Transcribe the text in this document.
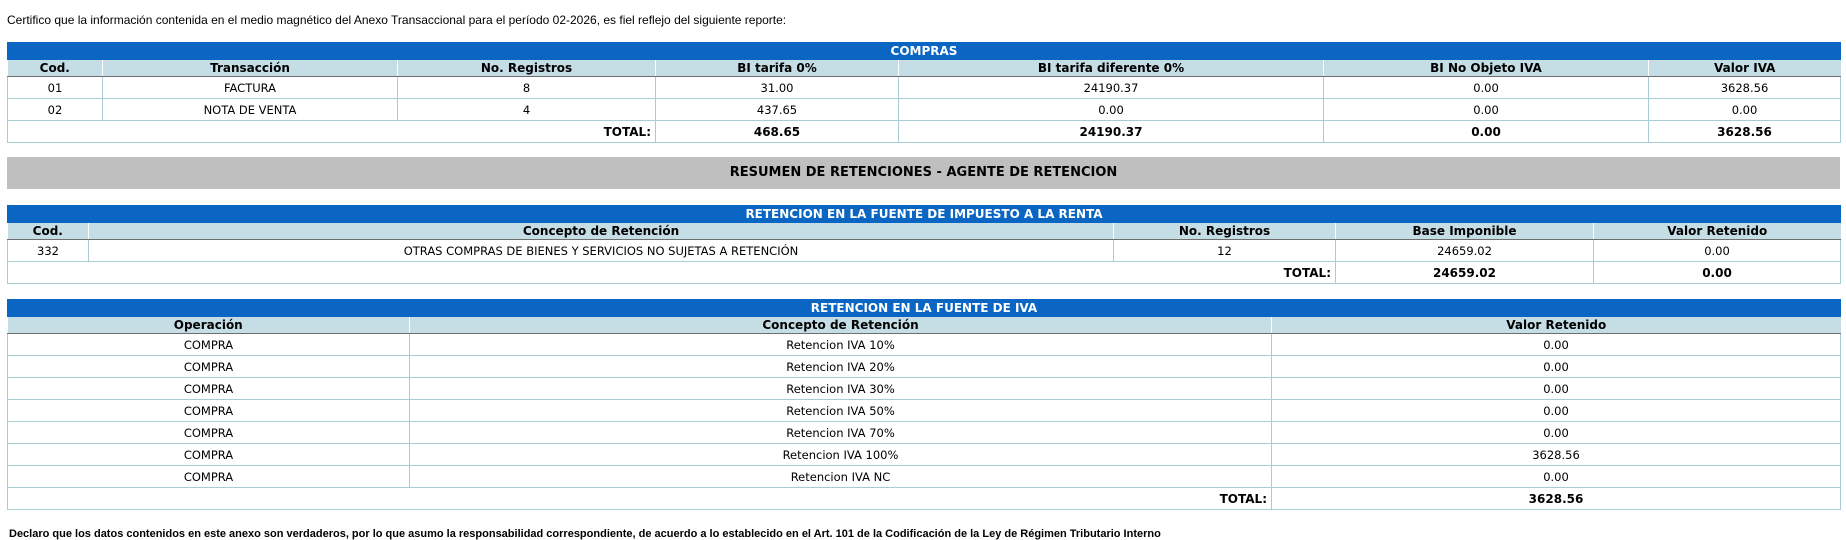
Certifico que la información contenida en el medio magnético del Anexo Transaccional para el período 02-2026, es fiel reflejo del siguiente reporte:
COMPRAS						
Cod.	Transacción	No. Registros	BI tarifa 0%	BI tarifa diferente 0%	BI No Objeto IVA	Valor IVA
01	FACTURA	8	31.00	24190.37	0.00	3628.56
02	NOTA DE VENTA	4	437.65	0.00	0.00	0.00
TOTAL:			468.65	24190.37	0.00	3628.56
RESUMEN DE RETENCIONES - AGENTE DE RETENCION
RETENCION EN LA FUENTE DE IMPUESTO A LA RENTA				
Cod.	Concepto de Retención	No. Registros	Base Imponible	Valor Retenido
332	OTRAS COMPRAS DE BIENES Y SERVICIOS NO SUJETAS A RETENCIÓN	12	24659.02	0.00
TOTAL:			24659.02	0.00
RETENCION EN LA FUENTE DE IVA		
Operación	Concepto de Retención	Valor Retenido
COMPRA	Retencion IVA 10%	0.00
COMPRA	Retencion IVA 20%	0.00
COMPRA	Retencion IVA 30%	0.00
COMPRA	Retencion IVA 50%	0.00
COMPRA	Retencion IVA 70%	0.00
COMPRA	Retencion IVA 100%	3628.56
COMPRA	Retencion IVA NC	0.00
TOTAL:		3628.56
Declaro que los datos contenidos en este anexo son verdaderos, por lo que asumo la responsabilidad correspondiente, de acuerdo a lo establecido en el Art. 101 de la Codificación de la Ley de Régimen Tributario Interno
